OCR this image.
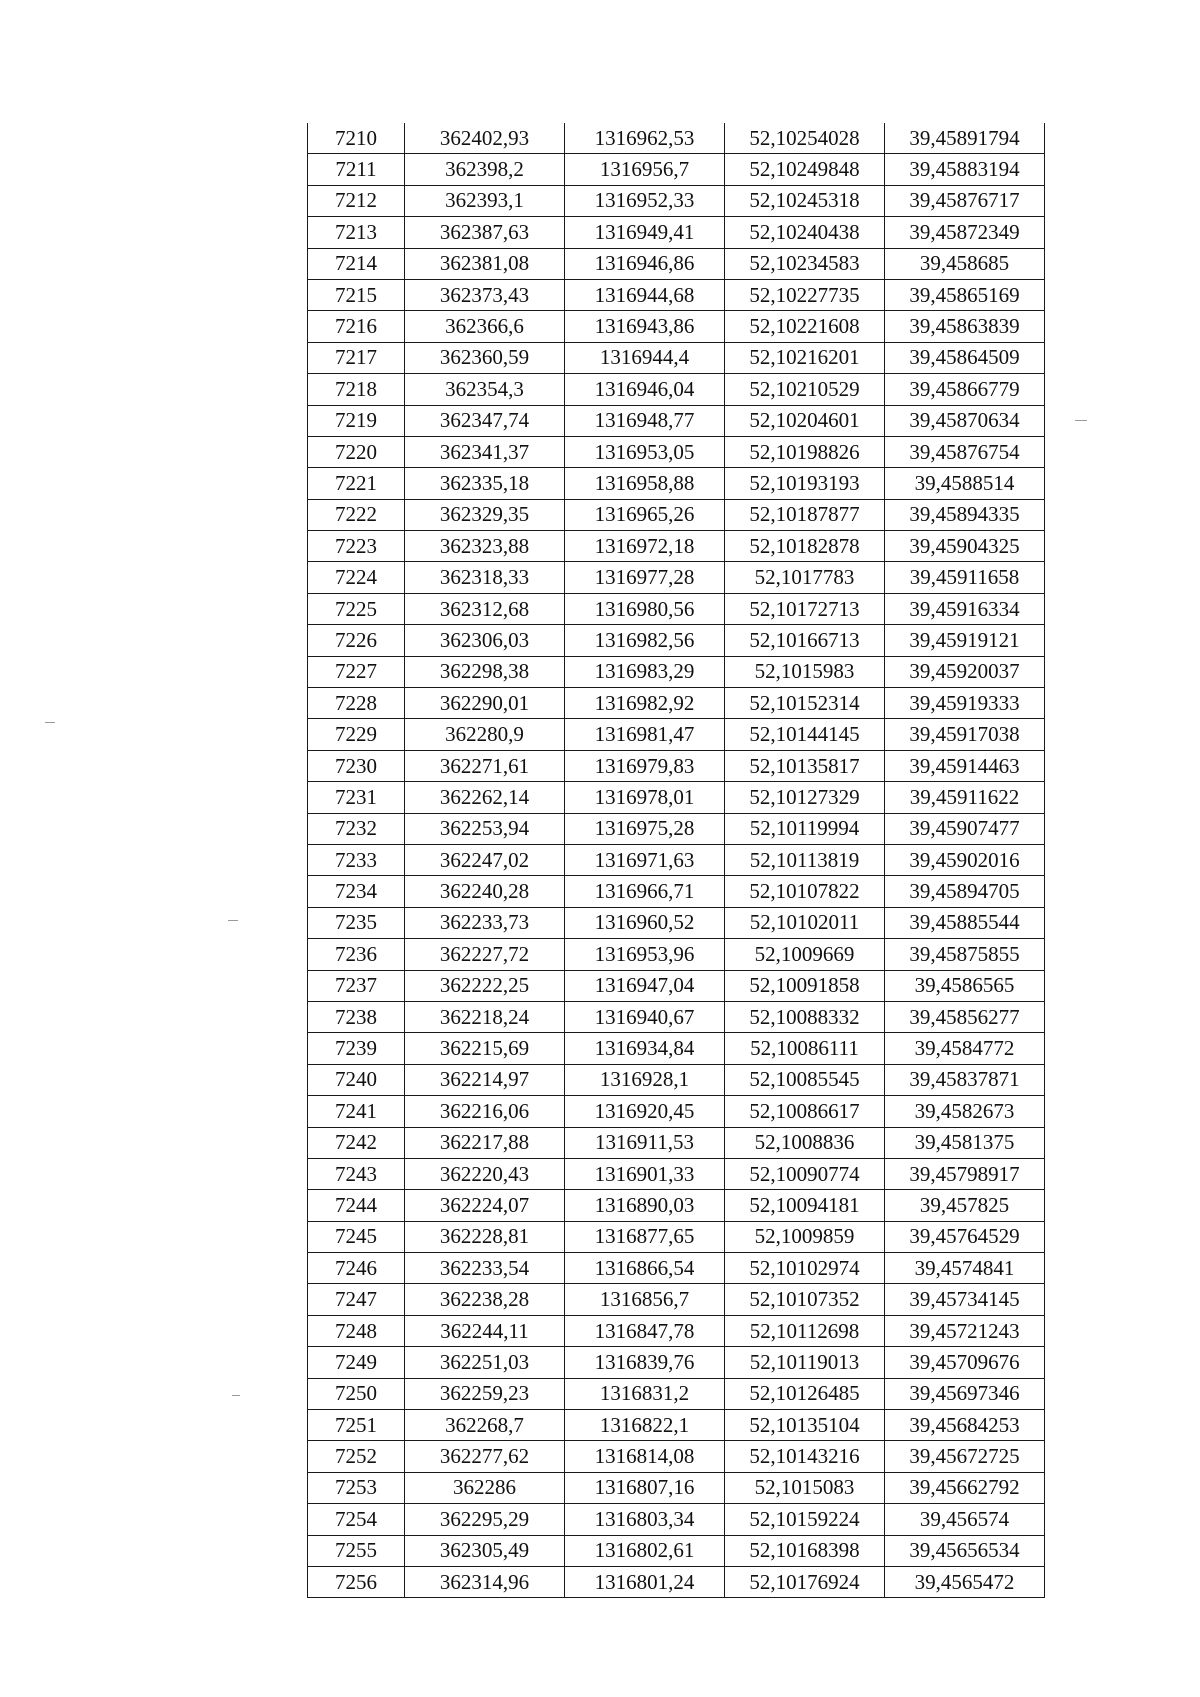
7210	362402,93	1316962,53	52,10254028	39,45891794
7211	362398,2	1316956,7	52,10249848	39,45883194
7212	362393,1	1316952,33	52,10245318	39,45876717
7213	362387,63	1316949,41	52,10240438	39,45872349
7214	362381,08	1316946,86	52,10234583	39,458685
7215	362373,43	1316944,68	52,10227735	39,45865169
7216	362366,6	1316943,86	52,10221608	39,45863839
7217	362360,59	1316944,4	52,10216201	39,45864509
7218	362354,3	1316946,04	52,10210529	39,45866779
7219	362347,74	1316948,77	52,10204601	39,45870634
7220	362341,37	1316953,05	52,10198826	39,45876754
7221	362335,18	1316958,88	52,10193193	39,4588514
7222	362329,35	1316965,26	52,10187877	39,45894335
7223	362323,88	1316972,18	52,10182878	39,45904325
7224	362318,33	1316977,28	52,1017783	39,45911658
7225	362312,68	1316980,56	52,10172713	39,45916334
7226	362306,03	1316982,56	52,10166713	39,45919121
7227	362298,38	1316983,29	52,1015983	39,45920037
7228	362290,01	1316982,92	52,10152314	39,45919333
7229	362280,9	1316981,47	52,10144145	39,45917038
7230	362271,61	1316979,83	52,10135817	39,45914463
7231	362262,14	1316978,01	52,10127329	39,45911622
7232	362253,94	1316975,28	52,10119994	39,45907477
7233	362247,02	1316971,63	52,10113819	39,45902016
7234	362240,28	1316966,71	52,10107822	39,45894705
7235	362233,73	1316960,52	52,10102011	39,45885544
7236	362227,72	1316953,96	52,1009669	39,45875855
7237	362222,25	1316947,04	52,10091858	39,4586565
7238	362218,24	1316940,67	52,10088332	39,45856277
7239	362215,69	1316934,84	52,10086111	39,4584772
7240	362214,97	1316928,1	52,10085545	39,45837871
7241	362216,06	1316920,45	52,10086617	39,4582673
7242	362217,88	1316911,53	52,1008836	39,4581375
7243	362220,43	1316901,33	52,10090774	39,45798917
7244	362224,07	1316890,03	52,10094181	39,457825
7245	362228,81	1316877,65	52,1009859	39,45764529
7246	362233,54	1316866,54	52,10102974	39,4574841
7247	362238,28	1316856,7	52,10107352	39,45734145
7248	362244,11	1316847,78	52,10112698	39,45721243
7249	362251,03	1316839,76	52,10119013	39,45709676
7250	362259,23	1316831,2	52,10126485	39,45697346
7251	362268,7	1316822,1	52,10135104	39,45684253
7252	362277,62	1316814,08	52,10143216	39,45672725
7253	362286	1316807,16	52,1015083	39,45662792
7254	362295,29	1316803,34	52,10159224	39,456574
7255	362305,49	1316802,61	52,10168398	39,45656534
7256	362314,96	1316801,24	52,10176924	39,4565472
